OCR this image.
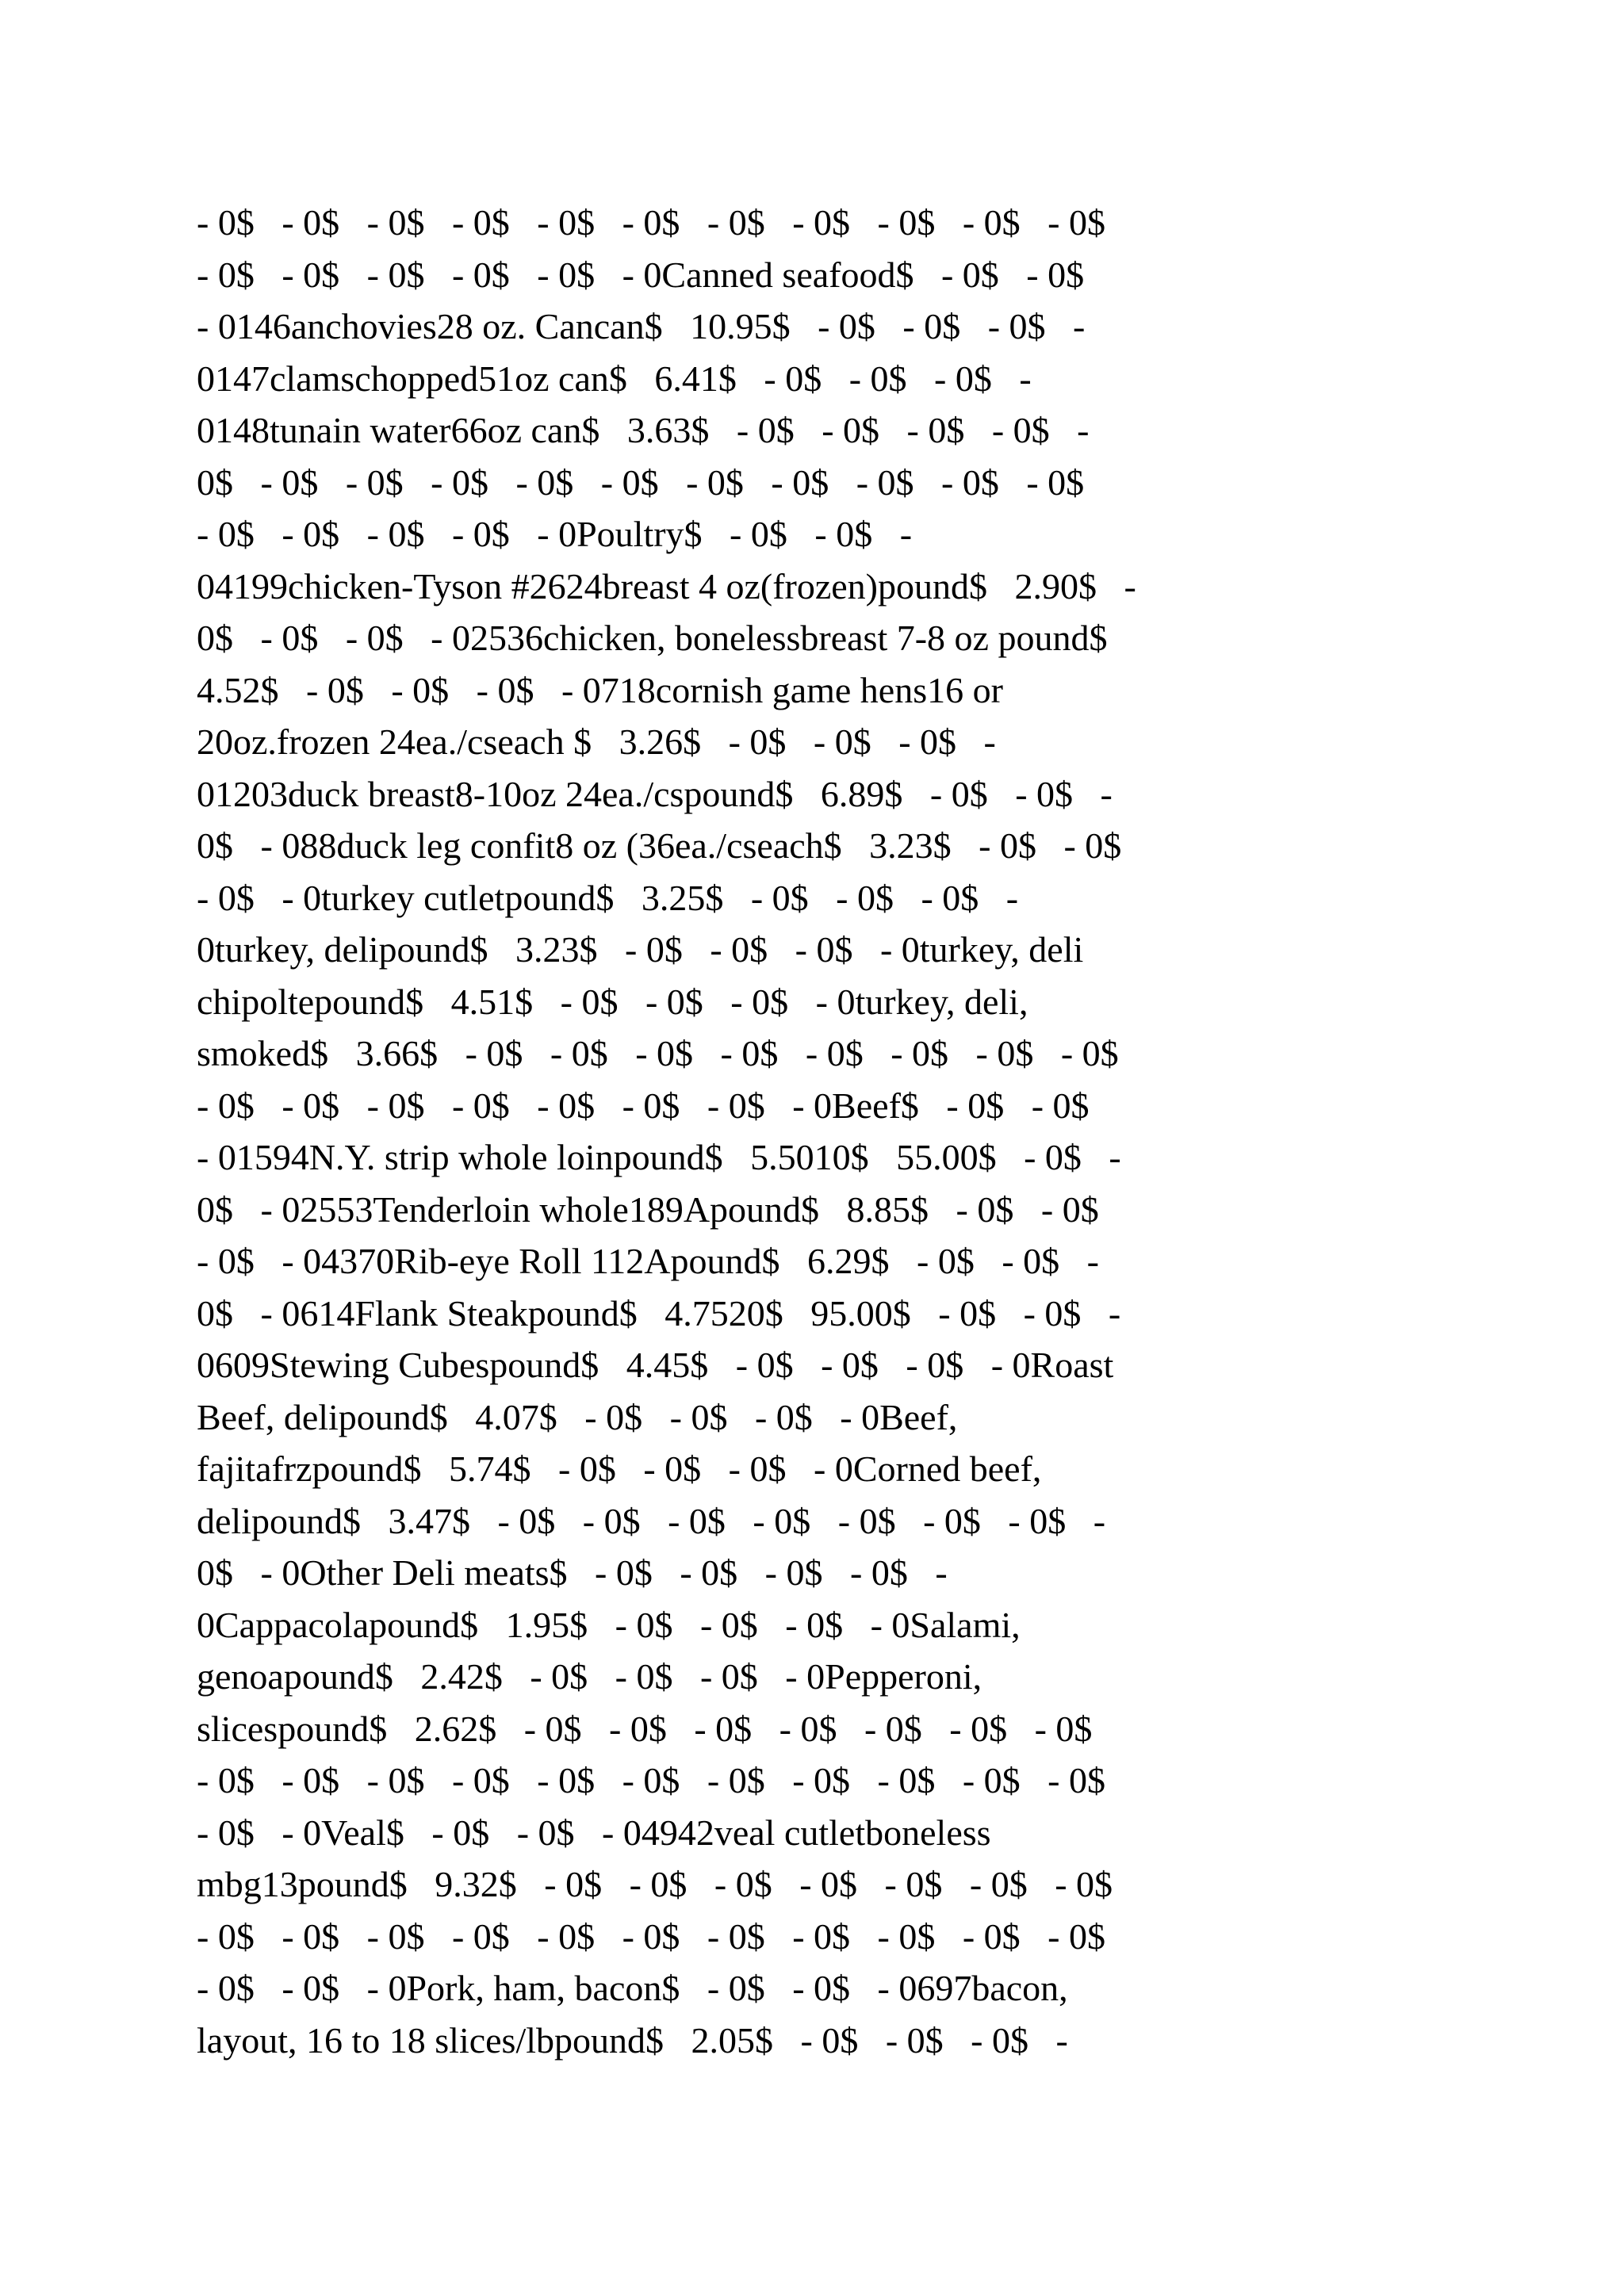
- 0$   - 0$   - 0$   - 0$   - 0$   - 0$   - 0$   - 0$   - 0$   - 0$   - 0$
- 0$   - 0$   - 0$   - 0$   - 0$   - 0Canned seafood$   - 0$   - 0$
- 0146anchovies28 oz. Cancan$   10.95$   - 0$   - 0$   - 0$   -
0147clamschopped51oz can$   6.41$   - 0$   - 0$   - 0$   -
0148tunain water66oz can$   3.63$   - 0$   - 0$   - 0$   - 0$   -
0$   - 0$   - 0$   - 0$   - 0$   - 0$   - 0$   - 0$   - 0$   - 0$   - 0$
- 0$   - 0$   - 0$   - 0$   - 0Poultry$   - 0$   - 0$   -
04199chicken-Tyson #2624breast 4 oz(frozen)pound$   2.90$   -
0$   - 0$   - 0$   - 02536chicken, bonelessbreast 7-8 oz pound$
4.52$   - 0$   - 0$   - 0$   - 0718cornish game hens16 or
20oz.frozen 24ea./cseach $   3.26$   - 0$   - 0$   - 0$   -
01203duck breast8-10oz 24ea./cspound$   6.89$   - 0$   - 0$   -
0$   - 088duck leg confit8 oz (36ea./cseach$   3.23$   - 0$   - 0$
- 0$   - 0turkey cutletpound$   3.25$   - 0$   - 0$   - 0$   -
0turkey, delipound$   3.23$   - 0$   - 0$   - 0$   - 0turkey, deli
chipoltepound$   4.51$   - 0$   - 0$   - 0$   - 0turkey, deli,
smoked$   3.66$   - 0$   - 0$   - 0$   - 0$   - 0$   - 0$   - 0$   - 0$
- 0$   - 0$   - 0$   - 0$   - 0$   - 0$   - 0$   - 0Beef$   - 0$   - 0$
- 01594N.Y. strip whole loinpound$   5.5010$   55.00$   - 0$   -
0$   - 02553Tenderloin whole189Apound$   8.85$   - 0$   - 0$
- 0$   - 04370Rib-eye Roll 112Apound$   6.29$   - 0$   - 0$   -
0$   - 0614Flank Steakpound$   4.7520$   95.00$   - 0$   - 0$   -
0609Stewing Cubespound$   4.45$   - 0$   - 0$   - 0$   - 0Roast
Beef, delipound$   4.07$   - 0$   - 0$   - 0$   - 0Beef,
fajitafrzpound$   5.74$   - 0$   - 0$   - 0$   - 0Corned beef,
delipound$   3.47$   - 0$   - 0$   - 0$   - 0$   - 0$   - 0$   - 0$   -
0$   - 0Other Deli meats$   - 0$   - 0$   - 0$   - 0$   -
0Cappacolapound$   1.95$   - 0$   - 0$   - 0$   - 0Salami,
genoapound$   2.42$   - 0$   - 0$   - 0$   - 0Pepperoni,
slicespound$   2.62$   - 0$   - 0$   - 0$   - 0$   - 0$   - 0$   - 0$
- 0$   - 0$   - 0$   - 0$   - 0$   - 0$   - 0$   - 0$   - 0$   - 0$   - 0$
- 0$   - 0Veal$   - 0$   - 0$   - 04942veal cutletboneless
mbg13pound$   9.32$   - 0$   - 0$   - 0$   - 0$   - 0$   - 0$   - 0$
- 0$   - 0$   - 0$   - 0$   - 0$   - 0$   - 0$   - 0$   - 0$   - 0$   - 0$
- 0$   - 0$   - 0Pork, ham, bacon$   - 0$   - 0$   - 0697bacon,
layout, 16 to 18 slices/lbpound$   2.05$   - 0$   - 0$   - 0$   -
